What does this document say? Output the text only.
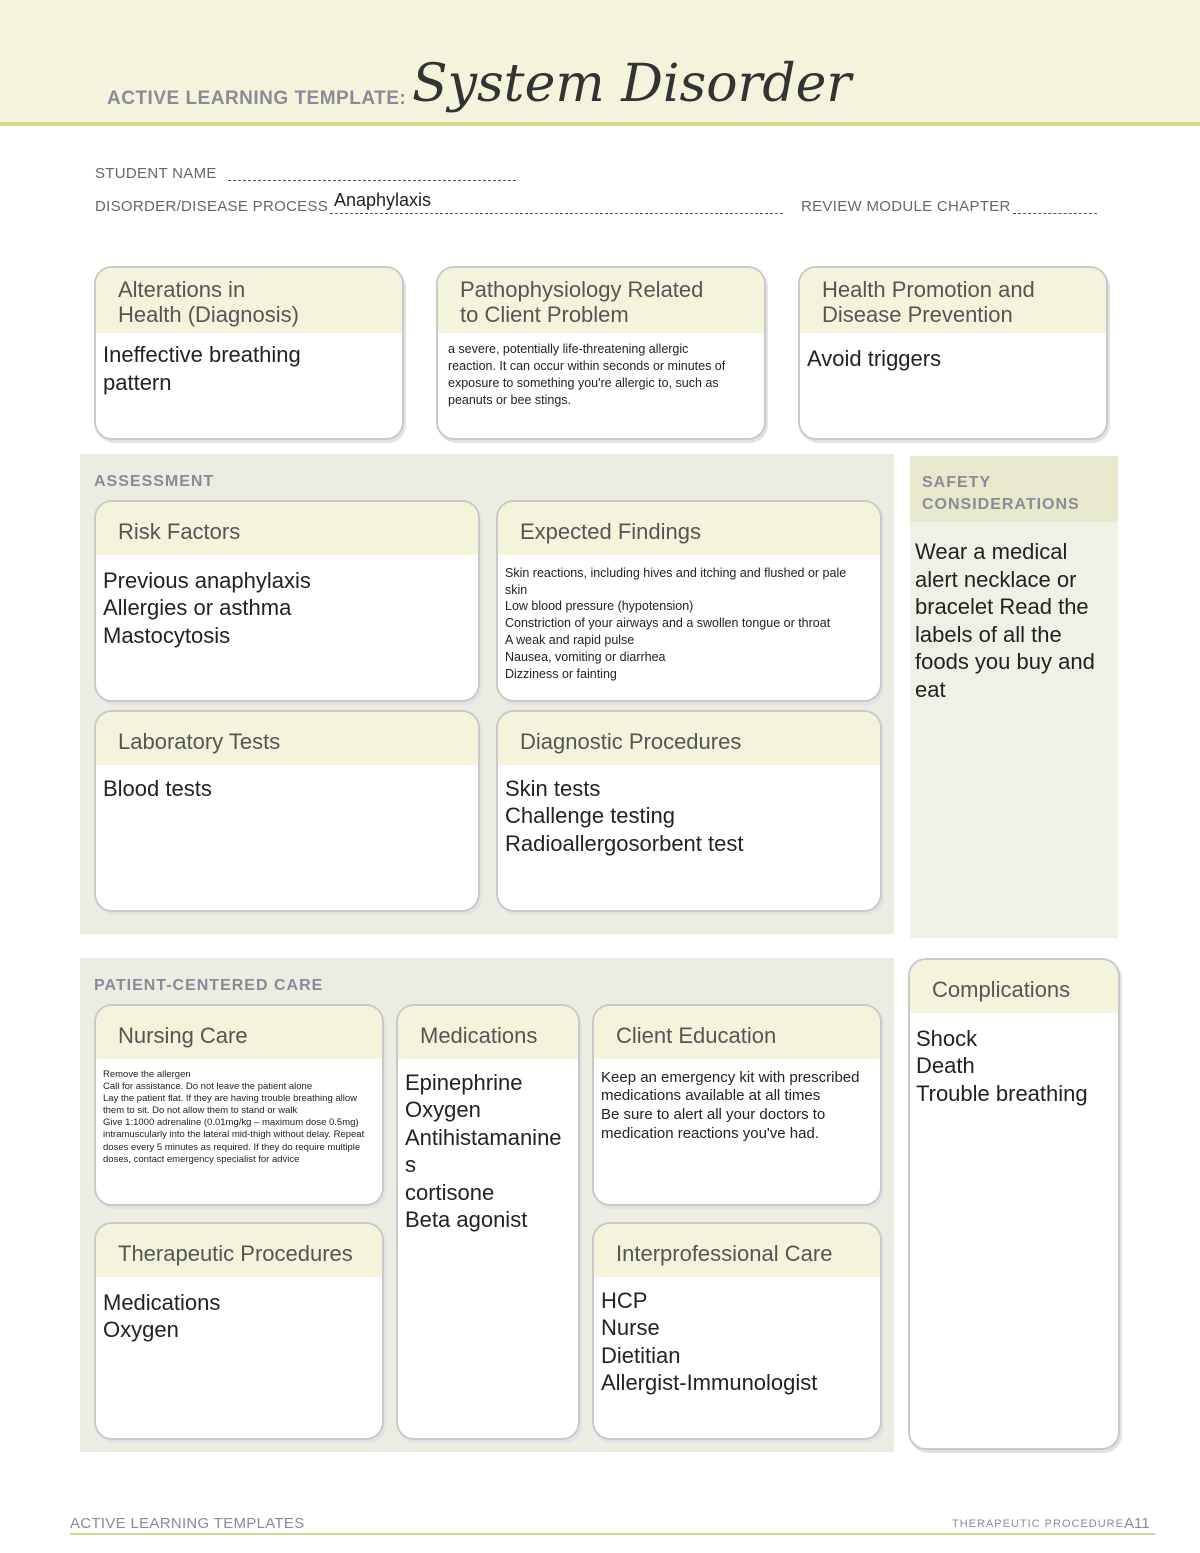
ACTIVE LEARNING TEMPLATE: System Disorder
STUDENT NAME
DISORDER/DISEASE PROCESS Anaphylaxis	REVIEW MODULE CHAPTER
Alterations in
Health (Diagnosis)
Ineffective breathing pattern
Pathophysiology Related
to Client Problem
a severe, potentially life-threatening allergic reaction. It can occur within seconds or minutes of exposure to something you're allergic to, such as peanuts or bee stings.
Health Promotion and
Disease Prevention
Avoid triggers
ASSESSMENT
Risk Factors
Previous anaphylaxis
Allergies or asthma
Mastocytosis
Expected Findings
Skin reactions, including hives and itching and flushed or pale skin
Low blood pressure (hypotension)
Constriction of your airways and a swollen tongue or throat
A weak and rapid pulse
Nausea, vomiting or diarrhea
Dizziness or fainting
Laboratory Tests
Blood tests
Diagnostic Procedures
Skin tests
Challenge testing
Radioallergosorbent test
SAFETY
CONSIDERATIONS
Wear a medical alert necklace or bracelet Read the labels of all the foods you buy and eat
PATIENT-CENTERED CARE
Nursing Care
Remove the allergen
Call for assistance. Do not leave the patient alone
Lay the patient flat. If they are having trouble breathing allow them to sit. Do not allow them to stand or walk
Give 1:1000 adrenaline (0.01mg/kg – maximum dose 0.5mg) intramuscularly into the lateral mid-thigh without delay. Repeat doses every 5 minutes as required. If they do require multiple doses, contact emergency specialist for advice
Medications
Epinephrine
Oxygen
Antihistamanines
cortisone
Beta agonist
Client Education
Keep an emergency kit with prescribed medications available at all times
Be sure to alert all your doctors to medication reactions you've had.
Therapeutic Procedures
Medications
Oxygen
Interprofessional Care
HCP
Nurse
Dietitian
Allergist-Immunologist
Complications
Shock
Death
Trouble breathing
ACTIVE LEARNING TEMPLATES	THERAPEUTIC PROCEDURE A11
